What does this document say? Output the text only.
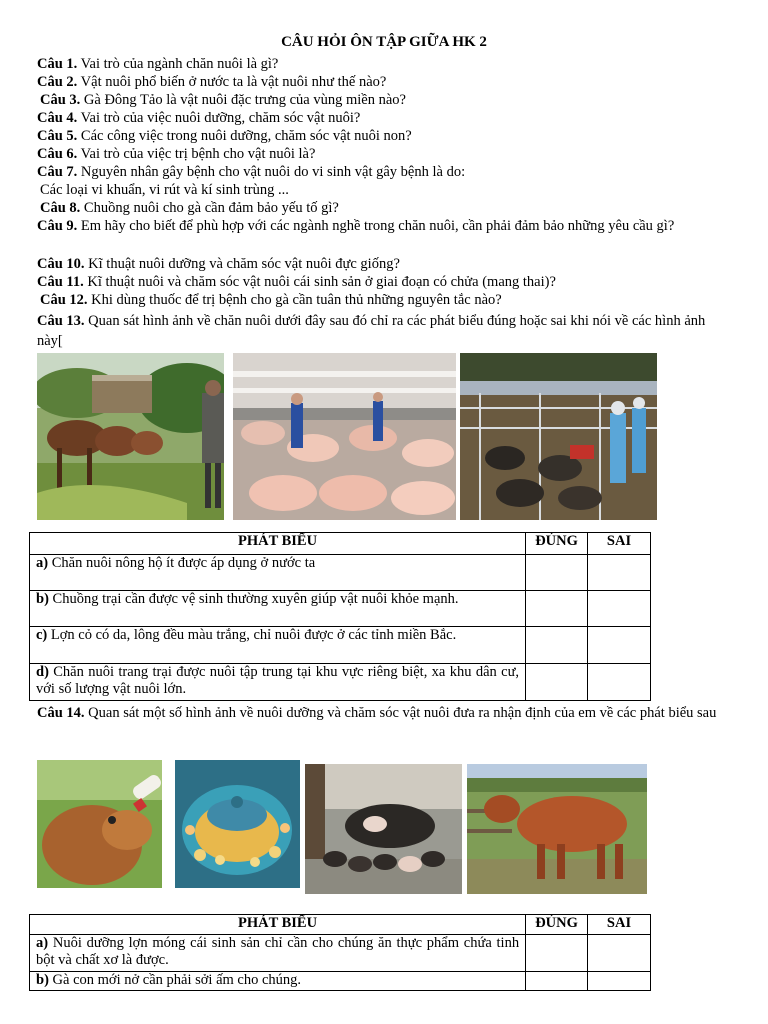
CÂU HỎI ÔN TẬP GIỮA HK 2
Câu 1. Vai trò của ngành chăn nuôi là gì?
Câu 2. Vật nuôi phổ biến ở nước ta là vật nuôi như thế nào?
Câu 3. Gà Đông Tảo là vật nuôi đặc trưng của vùng miền nào?
Câu 4. Vai trò của việc nuôi dưỡng, chăm sóc vật nuôi?
Câu 5. Các công việc trong nuôi dưỡng, chăm sóc vật nuôi non?
Câu 6. Vai trò của việc trị bệnh cho vật nuôi là?
Câu 7. Nguyên nhân gây bệnh cho vật nuôi do vi sinh vật gây bệnh là do:
Các loại vi khuẩn, vi rút và kí sinh trùng ...
Câu 8. Chuồng nuôi cho gà cần đảm bảo yếu tố gì?
Câu 9. Em hãy cho biết để phù hợp với các ngành nghề trong chăn nuôi, cần phải đảm bảo những yêu cầu gì?
Câu 10. Kĩ thuật nuôi dưỡng và chăm sóc vật nuôi đực giống?
Câu 11. Kĩ thuật nuôi và chăm sóc vật nuôi cái sinh sản ở giai đoạn có chửa (mang thai)?
Câu 12. Khi dùng thuốc để trị bệnh cho gà cần tuân thủ những nguyên tắc nào?
Câu 13. Quan sát hình ảnh về chăn nuôi dưới đây sau đó chỉ ra các phát biểu đúng hoặc sai khi nói về các hình ảnh này[
PHÁT BIỂU	ĐÚNG	SAI
a) Chăn nuôi nông hộ ít được áp dụng ở nước ta		
b) Chuồng trại cần được vệ sinh thường xuyên giúp vật nuôi khỏe mạnh.		
c) Lợn cỏ có da, lông đều màu trắng, chỉ nuôi được ở các tỉnh miền Bắc.		
d) Chăn nuôi trang trại được nuôi tập trung tại khu vực riêng biệt, xa khu dân cư, với số lượng vật nuôi lớn.		
Câu 14. Quan sát một số hình ảnh về nuôi dưỡng và chăm sóc vật nuôi đưa ra nhận định của em về các phát biểu sau
PHÁT BIỂU	ĐÚNG	SAI
a) Nuôi dưỡng lợn móng cái sinh sản chỉ cần cho chúng ăn thực phẩm chứa tinh bột và chất xơ là được.		
b) Gà con mới nở cần phải sởi ấm cho chúng.		
